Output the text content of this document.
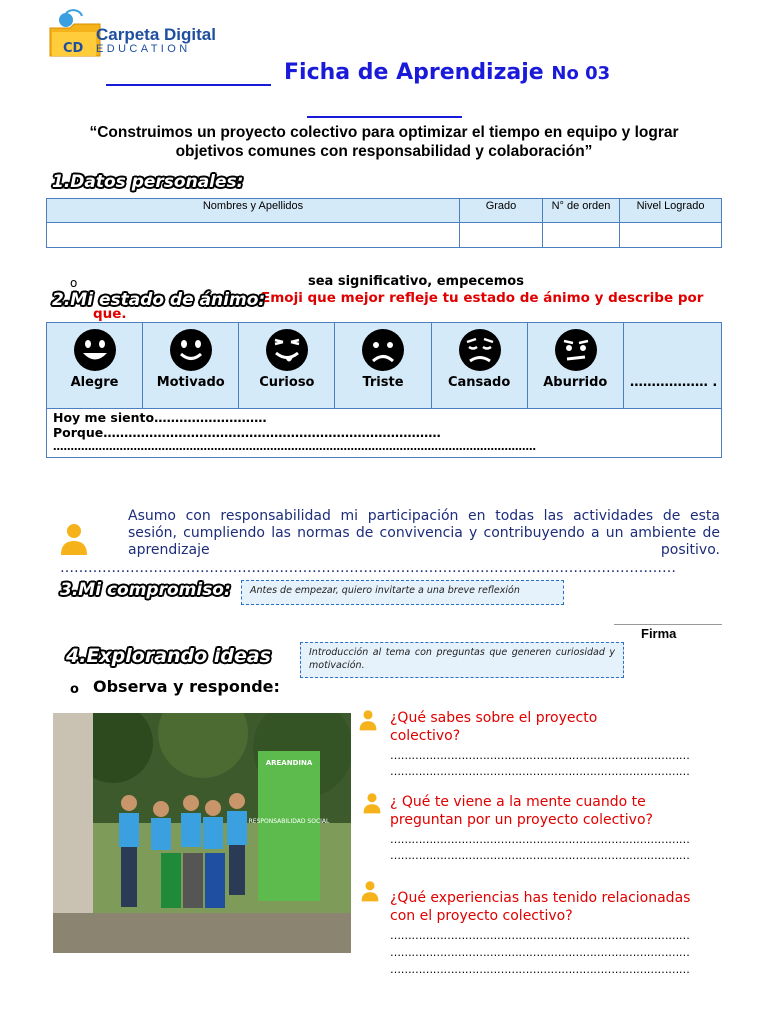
CD
Carpeta Digital
EDUCATION
Ficha de Aprendizaje No 03
“Construimos un proyecto colectivo para optimizar el tiempo en equipo y lograr objetivos comunes con responsabilidad y colaboración”
1.Datos personales:
Nombres y Apellidos	Grado	N° de orden	Nivel Logrado

o	sea significativo, empecemos
Emoji que mejor refleje tu estado de ánimo y describe por que.
2.Mi estado de ánimo:
Alegre	Motivado	Curioso	Triste	Cansado	Aburrido	……………… .
Hoy me siento………………………
Porque………………………………………………………………………
…………………………………………………………………………………………………………………………
Asumo con responsabilidad mi participación en todas las actividades de esta sesión, cumpliendo las normas de convivencia y contribuyendo a un ambiente de aprendizaje positivo.
……………………………………………………………………………………………………………………
3.Mi compromiso:	Antes de empezar, quiero invitarte a una breve reflexión
Firma
4.Explorando ideas	Introducción al tema con preguntas que generen curiosidad y motivación.
o Observa y responde:
AREANDINA
RESPONSABILIDAD SOCIAL
¿Qué sabes sobre el proyecto colectivo?
…………………………………………………………………………
…………………………………………………………………………
¿ Qué te viene a la mente cuando te preguntan por un proyecto colectivo?
…………………………………………………………………………
…………………………………………………………………………
¿Qué experiencias has tenido relacionadas con el proyecto colectivo?
…………………………………………………………………………
…………………………………………………………………………
…………………………………………………………………………
